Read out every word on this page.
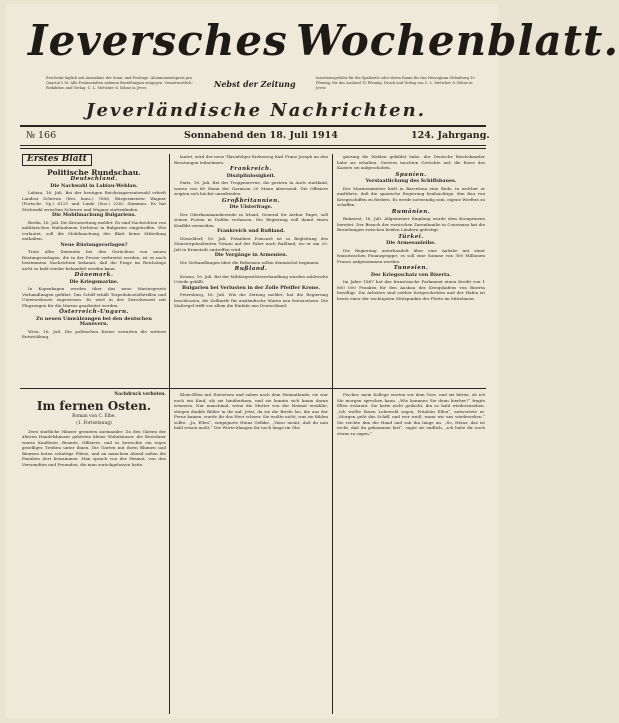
Ieversches Wochenblatt.
Erscheint täglich mit Ausnahme der Sonn- und Festtage. Abonnementspreis pro Quartal 2 M. Alle Postanstalten nehmen Bestellungen entgegen. Verantwortlich: Redaktion und Verlag: C. L. Mettcker & Söhne in Jever.	Nebst der Zeitung
Insertionsgebühr für die Spaltzeile oder deren Raum für das Herzogtum Oldenburg 10 Pfennig, für das Ausland 15 Pfennig. Druck und Verlag von C. L. Mettcker & Söhne in Jever.
Jeverländische Nachrichten.
№ 166	Sonnabend den 18. Juli 1914	124. Jahrgang.
Erstes Blatt
Politische Rundschau.
Deutschland.
Die Nachwahl in Labiau-Wehlau.

Labiau, 16. Juli. Bei der heutigen Reichstagsersatzwahl erhielt Landrat Schrewe (frei. kons.) 7606, Bürgermeister Wagner (Fortschr. Vp.) 6125 und Linde (Soz.) 2282 Stimmen. Es hat Stichwahl zwischen Schrewe und Wagner stattzufinden.

Die Mobilmachung Bulgariens.

Berlin, 16. Juli. Die Kreuzzeitung meldet: Es sind Nachrichten von militärischen Maßnahmen Serbiens in Bulgarien eingetroffen. Wie verlautet, soll die Mobilmachung des Blatt keine Mitteilung enthalten.

Neue Rüstungsvorlagen?

Trotz aller Dementis bei den Gerüchten von neuen Rüstungsvorlagen, die in der Presse verbreitet werden, ist es nach bestimmten Nachrichten bekannt, daß die Frage im Reichstage nicht so bald wieder behandelt werden kann.

Dänemark.
Die Kriegsmarine.

In Kopenhagen werden über das neue Marinegesetz Verhandlungen geführt. Das Schiff erhält Torpedobootsflottillen und Unterseeboote zugewiesen. Es wird in der Zwischenzeit mit Flugzeugen für die Marine gearbeitet werden.

Österreich-Ungarn.
Zu neuen Umwälzungen bei den deutschen Manövern.

Wien, 16. Juli. Die politischen Kreise erwarten die weitere Entwicklung.

Nachdruck verboten.
Im fernen Osten.
Roman von C. Elbe.
(1. Fortsetzung)

Zwei stattliche Häuser grenzten aneinander. Zu den Gärten der älteren Handelshäuser gehörten kleine Wohnhäuser, die Bewohner waren Kaufleute, Beamte, Offiziere, und es herrschte ein reges geselliges Treiben unter ihnen. Die Gärten mit ihren Blumen und Bäumen boten schattige Plätze, und an manchem Abend saßen die Familien dort beisammen. Man sprach von der Heimat, von den Verwandten und Freunden, die man zurückgelassen hatte.

lautet, wird der neue Thronfolger Erzherzog Karl Franz Joseph an den Beratungen teilnehmen.

Frankreich.
Disziplinlosigkeit.

Paris, 16. Juli. Bei der Truppenrevue, die gestern in Auch stattfand, waren von 88 Mann der Garnison 20 Mann abwesend. Die Offiziere zeigten sich höchst unzufrieden.

Großbritannien.
Die Ulsterfrage.

Der Oberkommandierende in Irland, General Sir Arthur Paget, soll seinen Posten in Dublin verlassen. Die Regierung will damit einen Konflikt vermeiden.

Frankreich und Rußland.

Düsseldorf, 16. Juli. Präsident Poincaré ist in Begleitung des Ministerpräsidenten Viviani auf der Fahrt nach Rußland, wo er am 20. Juli in Kronstadt eintreffen wird.

Die Vorgänge in Armenien.

Die Verhandlungen über die Reformen sollen demnächst beginnen.

Rußland.

Kowno, 16. Juli. Bei der Militärgerichtsverhandlung wurden zahlreiche Urteile gefällt.

Bulgarien bei Verlusten in der Zolle Pfeiffer Krone.

Petersburg, 16. Juli. Wie die Zeitung meldet, hat die Regierung beschlossen, die Zolltarife für ausländische Waren neu festzusetzen. Die Maßregel trifft vor allem die Einfuhr aus Deutschland.

Klein-Ellen mit Entsetzen und sahen nach dem Heimatlande; sie war noch ein Kind, als sie hinüberkam, und sie konnte sich kaum daran erinnern. Nur manchmal, wenn die Mutter von der Heimat erzählte, stiegen dunkle Bilder in ihr auf. Jetzt, da sie die Briefe las, die aus der Ferne kamen, wurde ihr das Herz schwer. Sie wußte nicht, was sie fühlen sollte. „Ja, Ellen“, entgegnete Heinz Gelbke, „Vater meint, daß du nun bald reisen mußt.“ Die Worte klangen ihr noch lange im Ohr.

gierung die Wahlen gebildet habe, der Deutsche Reichskanzler habe sie erhalten. Gestern tauchten Gerüchte auf, die Reise des Kaisers sei aufgeschoben.

Spanien.
Verstaatlichung des Schiffsbaues.

Der Marineminister hielt in Barcelona eine Rede, in welcher er ausführte, daß die spanische Regierung beabsichtige, den Bau von Kriegsschiffen zu fördern. Es werde notwendig sein, eigene Werften zu schaffen.

Rumänien.

Bukarest, 16. Juli. Allgemeiner Empfang wurde dem Kronprinzen bereitet. Der Besuch der russischen Zarenfamilie in Constanza hat die Beziehungen zwischen beiden Ländern gefestigt.

Türkei.
Die Armeeanleihe.

Die Regierung unterhandelt über eine Anleihe mit einer französischen Finanzgruppe; es soll eine Summe von 500 Millionen Francs aufgenommen werden.

Tunesien.
Der Kriegsschatz von Bizerta.

Im Jahre 1887 hat das französische Parlament einen Kredit von 1 800 000 Franken für den Ausbau des Kriegshafens von Bizerta bewilligt. Die Arbeiten sind seither fortgeschritten und der Hafen ist heute einer der wichtigsten Stützpunkte der Flotte im Mittelmeer.

Fischer, mein Kollege warten vor dem Tore, und sie bitten, ob ich Sie morgen sprechen kann. „Wie kommen Sie denn hierher?“ fragte Ellen erstaunt. Sie hatte nicht gedacht, ihn so bald wiederzusehen. „Ich wollte Ihnen Lebewohl sagen, Fräulein Ellen“, antwortete er. „Morgen geht das Schiff, und wer weiß, wann wir uns wiedersehen.“ Sie reichte ihm die Hand und sah ihn lange an. „So, Heinz, das ist recht, daß du gekommen bist“, sagte sie endlich, „ich habe dir noch etwas zu sagen.“
